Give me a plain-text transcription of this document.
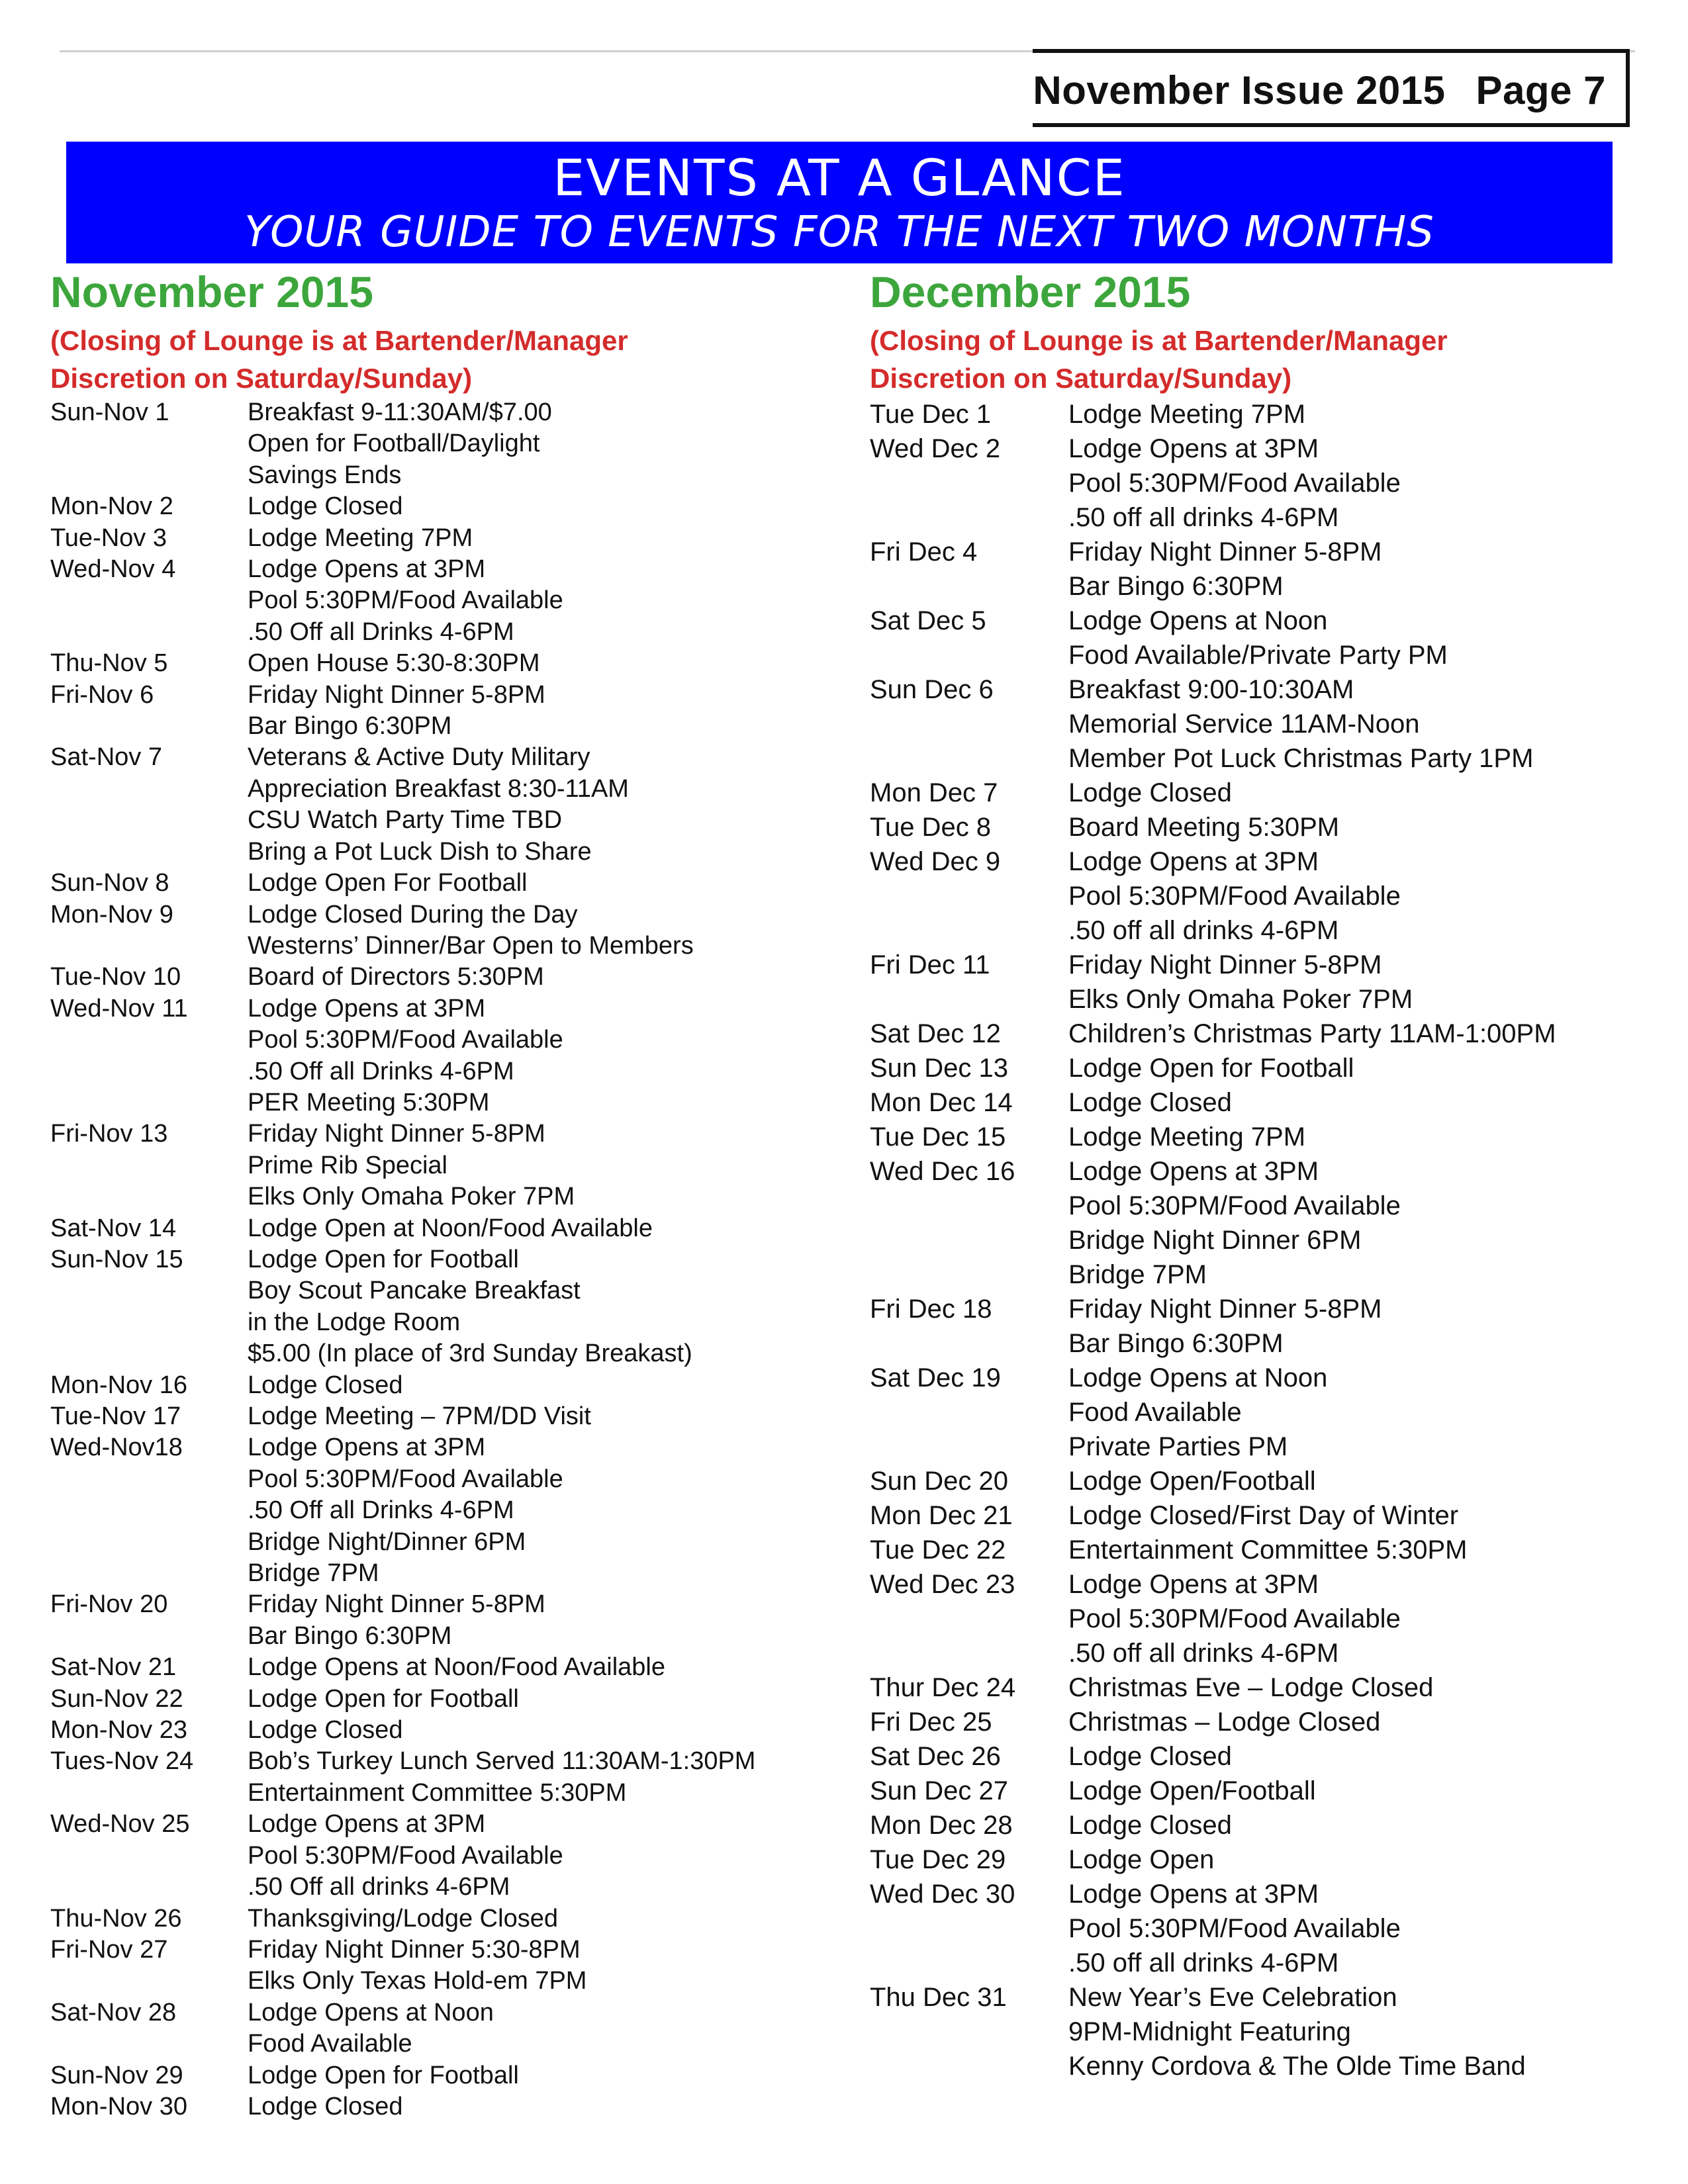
November Issue 2015 Page 7
EVENTS AT A GLANCE
YOUR GUIDE TO EVENTS FOR THE NEXT TWO MONTHS
November 2015
(Closing of Lounge is at Bartender/Manager
Discretion on Saturday/Sunday)
Sun-Nov 1	Breakfast 9-11:30AM/$7.00
Open for Football/Daylight
Savings Ends
Mon-Nov 2	Lodge Closed
Tue-Nov 3	Lodge Meeting 7PM
Wed-Nov 4	Lodge Opens at 3PM
Pool 5:30PM/Food Available
.50 Off all Drinks 4-6PM
Thu-Nov 5	Open House 5:30-8:30PM
Fri-Nov 6	Friday Night Dinner 5-8PM
Bar Bingo 6:30PM
Sat-Nov 7	Veterans & Active Duty Military
Appreciation Breakfast 8:30-11AM
CSU Watch Party Time TBD
Bring a Pot Luck Dish to Share
Sun-Nov 8	Lodge Open For Football
Mon-Nov 9	Lodge Closed During the Day
Westerns’ Dinner/Bar Open to Members
Tue-Nov 10	Board of Directors 5:30PM
Wed-Nov 11	Lodge Opens at 3PM
Pool 5:30PM/Food Available
.50 Off all Drinks 4-6PM
PER Meeting 5:30PM
Fri-Nov 13	Friday Night Dinner 5-8PM
Prime Rib Special
Elks Only Omaha Poker 7PM
Sat-Nov 14	Lodge Open at Noon/Food Available
Sun-Nov 15	Lodge Open for Football
Boy Scout Pancake Breakfast
in the Lodge Room
$5.00 (In place of 3rd Sunday Breakast)
Mon-Nov 16	Lodge Closed
Tue-Nov 17	Lodge Meeting – 7PM/DD Visit
Wed-Nov18	Lodge Opens at 3PM
Pool 5:30PM/Food Available
.50 Off all Drinks 4-6PM
Bridge Night/Dinner 6PM
Bridge 7PM
Fri-Nov 20	Friday Night Dinner 5-8PM
Bar Bingo 6:30PM
Sat-Nov 21	Lodge Opens at Noon/Food Available
Sun-Nov 22	Lodge Open for Football
Mon-Nov 23	Lodge Closed
Tues-Nov 24	Bob’s Turkey Lunch Served 11:30AM-1:30PM
Entertainment Committee 5:30PM
Wed-Nov 25	Lodge Opens at 3PM
Pool 5:30PM/Food Available
.50 Off all drinks 4-6PM
Thu-Nov 26	Thanksgiving/Lodge Closed
Fri-Nov 27	Friday Night Dinner 5:30-8PM
Elks Only Texas Hold-em 7PM
Sat-Nov 28	Lodge Opens at Noon
Food Available
Sun-Nov 29	Lodge Open for Football
Mon-Nov 30	Lodge Closed
December 2015
(Closing of Lounge is at Bartender/Manager
Discretion on Saturday/Sunday)
Tue Dec 1	Lodge Meeting 7PM
Wed Dec 2	Lodge Opens at 3PM
Pool 5:30PM/Food Available
.50 off all drinks 4-6PM
Fri Dec 4	Friday Night Dinner 5-8PM
Bar Bingo 6:30PM
Sat Dec 5	Lodge Opens at Noon
Food Available/Private Party PM
Sun Dec 6	Breakfast 9:00-10:30AM
Memorial Service 11AM-Noon
Member Pot Luck Christmas Party 1PM
Mon Dec 7	Lodge Closed
Tue Dec 8	Board Meeting 5:30PM
Wed Dec 9	Lodge Opens at 3PM
Pool 5:30PM/Food Available
.50 off all drinks 4-6PM
Fri Dec 11	Friday Night Dinner 5-8PM
Elks Only Omaha Poker 7PM
Sat Dec 12	Children’s Christmas Party 11AM-1:00PM
Sun Dec 13	Lodge Open for Football
Mon Dec 14	Lodge Closed
Tue Dec 15	Lodge Meeting 7PM
Wed Dec 16	Lodge Opens at 3PM
Pool 5:30PM/Food Available
Bridge Night Dinner 6PM
Bridge 7PM
Fri Dec 18	Friday Night Dinner 5-8PM
Bar Bingo 6:30PM
Sat Dec 19	Lodge Opens at Noon
Food Available
Private Parties PM
Sun Dec 20	Lodge Open/Football
Mon Dec 21	Lodge Closed/First Day of Winter
Tue Dec 22	Entertainment Committee 5:30PM
Wed Dec 23	Lodge Opens at 3PM
Pool 5:30PM/Food Available
.50 off all drinks 4-6PM
Thur Dec 24	Christmas Eve – Lodge Closed
Fri Dec 25	Christmas – Lodge Closed
Sat Dec 26	Lodge Closed
Sun Dec 27	Lodge Open/Football
Mon Dec 28	Lodge Closed
Tue Dec 29	Lodge Open
Wed Dec 30	Lodge Opens at 3PM
Pool 5:30PM/Food Available
.50 off all drinks 4-6PM
Thu Dec 31	New Year’s Eve Celebration
9PM-Midnight Featuring
Kenny Cordova & The Olde Time Band
